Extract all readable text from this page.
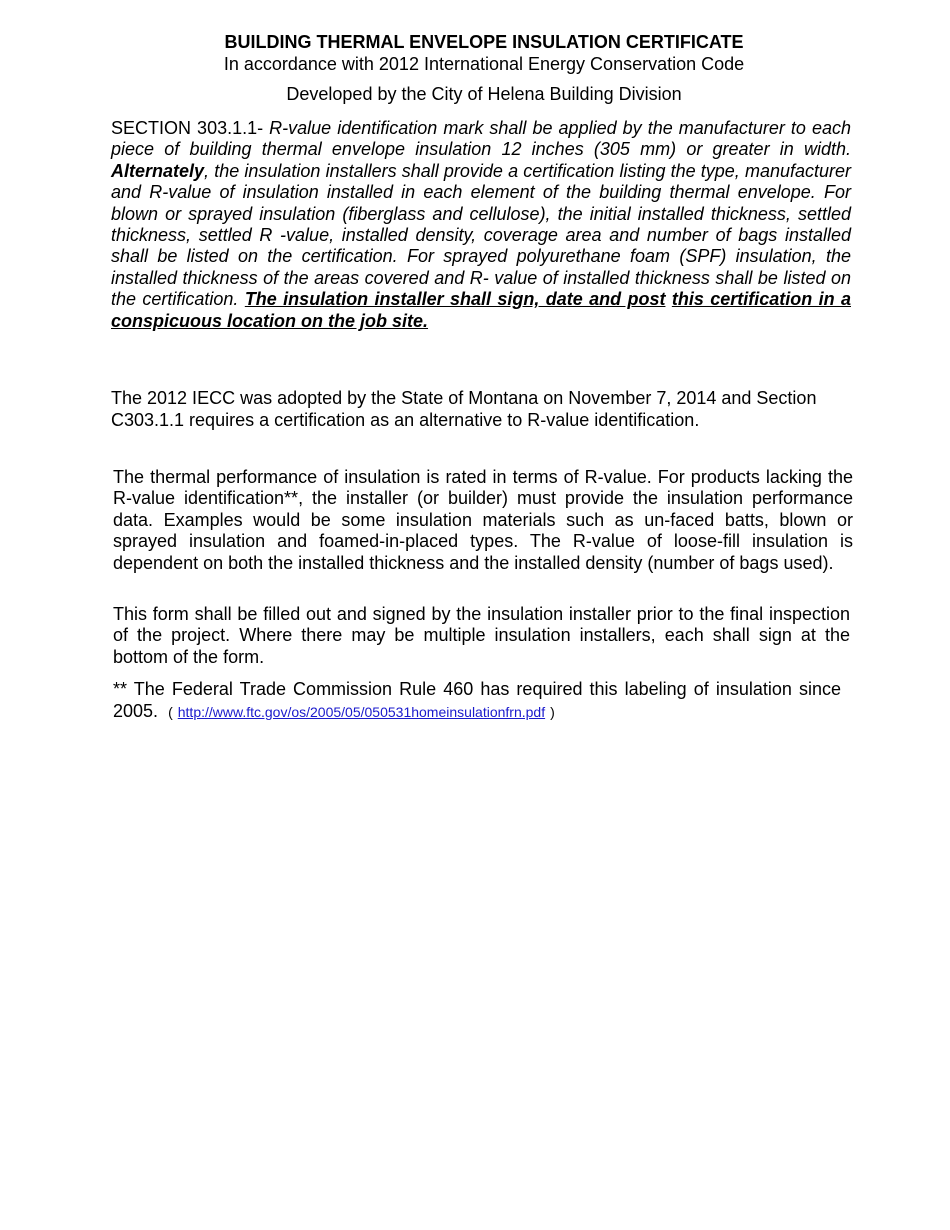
BUILDING THERMAL ENVELOPE INSULATION CERTIFICATE
In accordance with 2012 International Energy Conservation Code
Developed by the City of Helena Building Division

SECTION 303.1.1- R-value identification mark shall be applied by the manufacturer to each piece of building thermal envelope insulation 12 inches (305 mm) or greater in width. Alternately, the insulation installers shall provide a certification listing the type, manufacturer and R-value of insulation installed in each element of the building thermal envelope. For blown or sprayed insulation (fiberglass and cellulose), the initial installed thickness, settled thickness, settled R -value, installed density, coverage area and number of bags installed shall be listed on the certification. For sprayed polyurethane foam (SPF) insulation, the installed thickness of the areas covered and R- value of installed thickness shall be listed on the certification. The insulation installer shall sign, date and post this certification in a conspicuous location on the job site.

The 2012 IECC was adopted by the State of Montana on November 7, 2014 and Section C303.1.1 requires a certification as an alternative to R-value identification.

The thermal performance of insulation is rated in terms of R-value. For products lacking the R-value identification**, the installer (or builder) must provide the insulation performance data. Examples would be some insulation materials such as un-faced batts, blown or sprayed insulation and foamed-in-placed types. The R-value of loose-fill insulation is dependent on both the installed thickness and the installed density (number of bags used).

This form shall be filled out and signed by the insulation installer prior to the final inspection of the project. Where there may be multiple insulation installers, each shall sign at the bottom of the form.

** The Federal Trade Commission Rule 460 has required this labeling of insulation since 2005. ( http://www.ftc.gov/os/2005/05/050531homeinsulationfrn.pdf )
